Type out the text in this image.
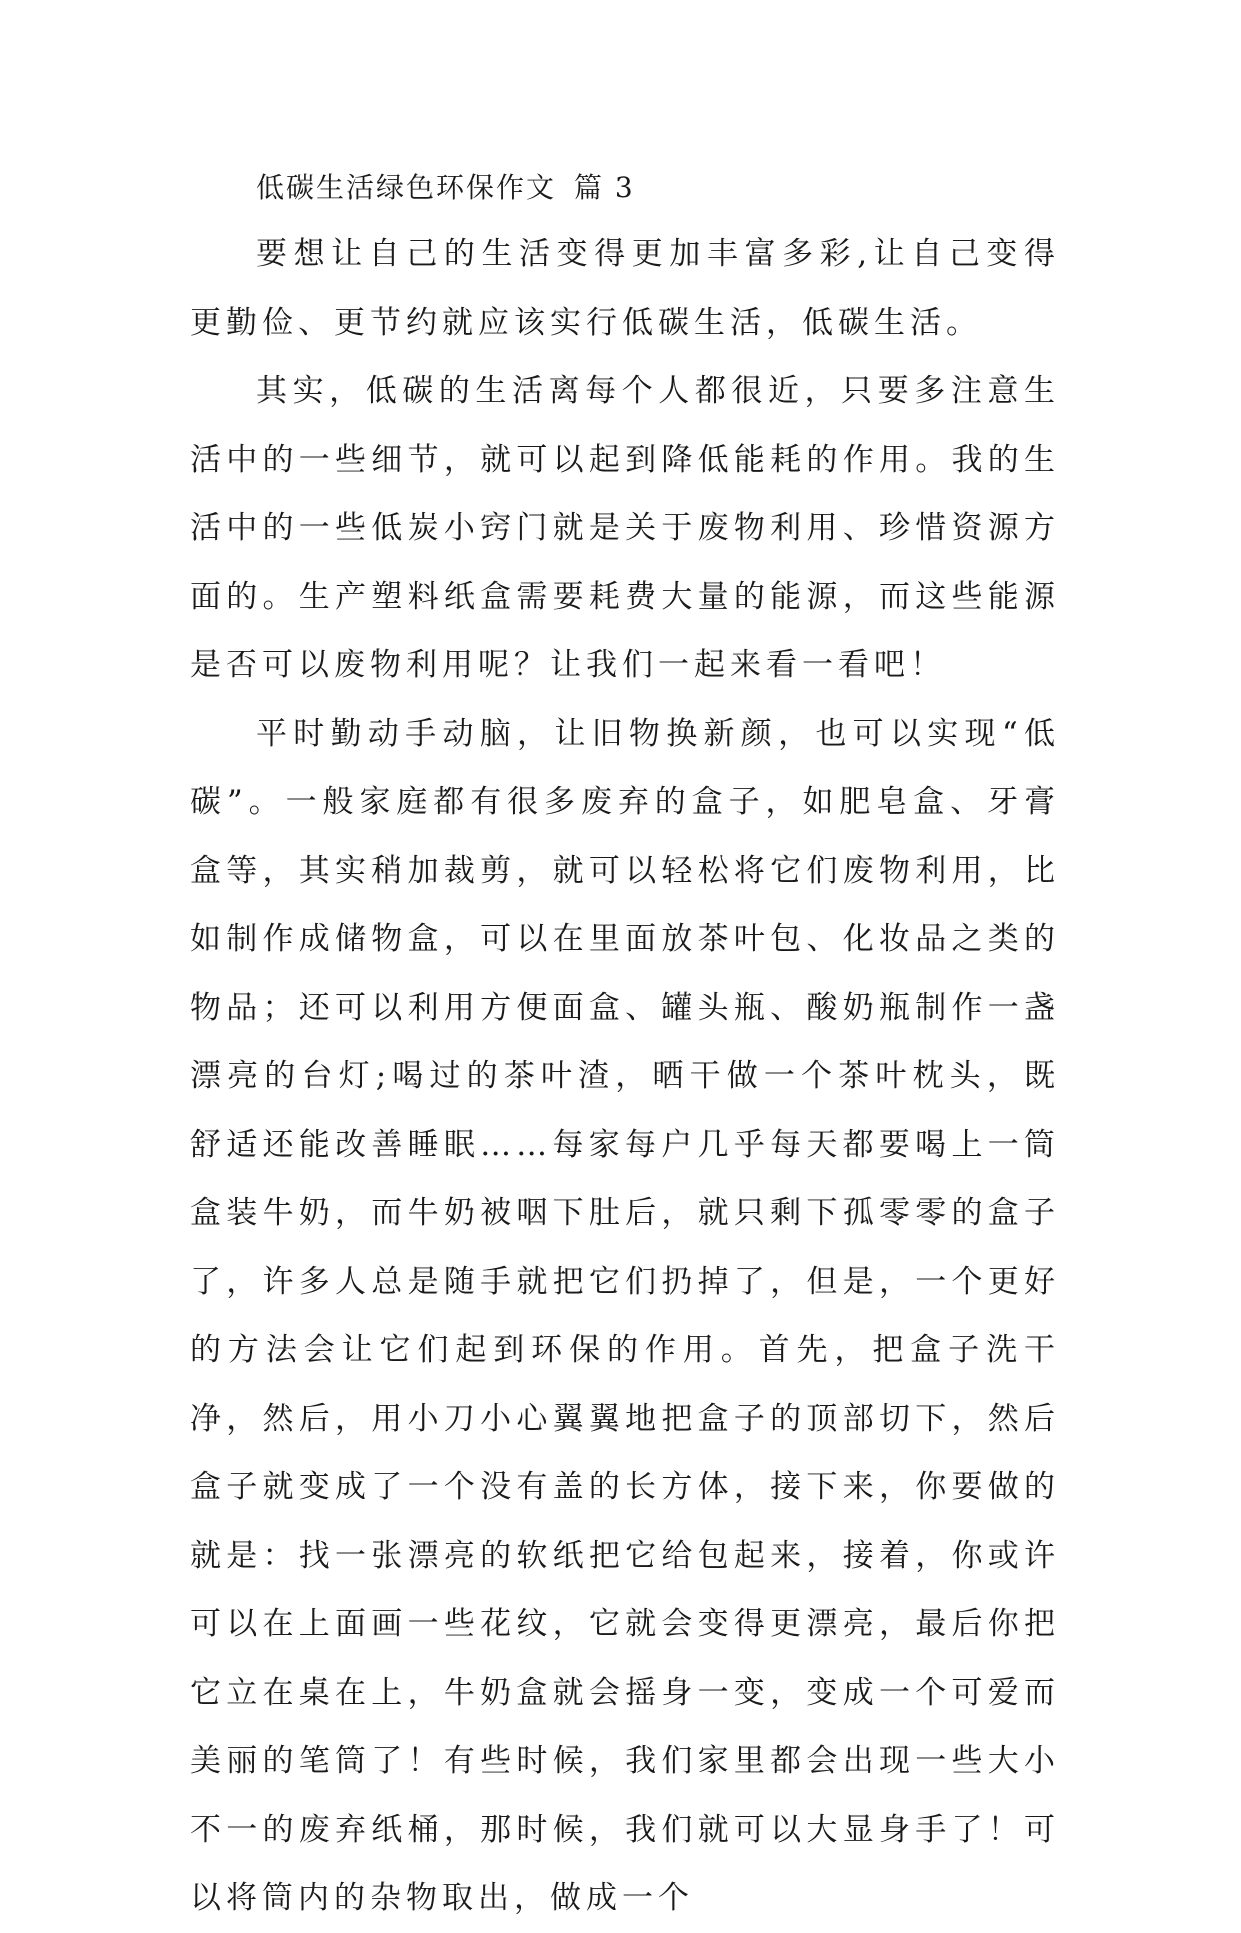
低碳生活绿色环保作文 篇 3

要想让自己的生活变得更加丰富多彩,让自己变得更勤俭、更节约就应该实行低碳生活，低碳生活。

其实，低碳的生活离每个人都很近，只要多注意生活中的一些细节，就可以起到降低能耗的作用。我的生活中的一些低炭小窍门就是关于废物利用、珍惜资源方面的。生产塑料纸盒需要耗费大量的能源，而这些能源是否可以废物利用呢？让我们一起来看一看吧！

平时勤动手动脑，让旧物换新颜，也可以实现“低碳”。一般家庭都有很多废弃的盒子，如肥皂盒、牙膏盒等，其实稍加裁剪，就可以轻松将它们废物利用，比如制作成储物盒，可以在里面放茶叶包、化妆品之类的物品；还可以利用方便面盒、罐头瓶、酸奶瓶制作一盏漂亮的台灯;喝过的茶叶渣，晒干做一个茶叶枕头，既舒适还能改善睡眠……每家每户几乎每天都要喝上一筒盒装牛奶，而牛奶被咽下肚后，就只剩下孤零零的盒子了，许多人总是随手就把它们扔掉了，但是，一个更好的方法会让它们起到环保的作用。首先，把盒子洗干净，然后，用小刀小心翼翼地把盒子的顶部切下，然后盒子就变成了一个没有盖的长方体，接下来，你要做的就是：找一张漂亮的软纸把它给包起来，接着，你或许可以在上面画一些花纹，它就会变得更漂亮，最后你把它立在桌在上，牛奶盒就会摇身一变，变成一个可爱而美丽的笔筒了！有些时候，我们家里都会出现一些大小不一的废弃纸桶，那时候，我们就可以大显身手了！可以将筒内的杂物取出，做成一个
